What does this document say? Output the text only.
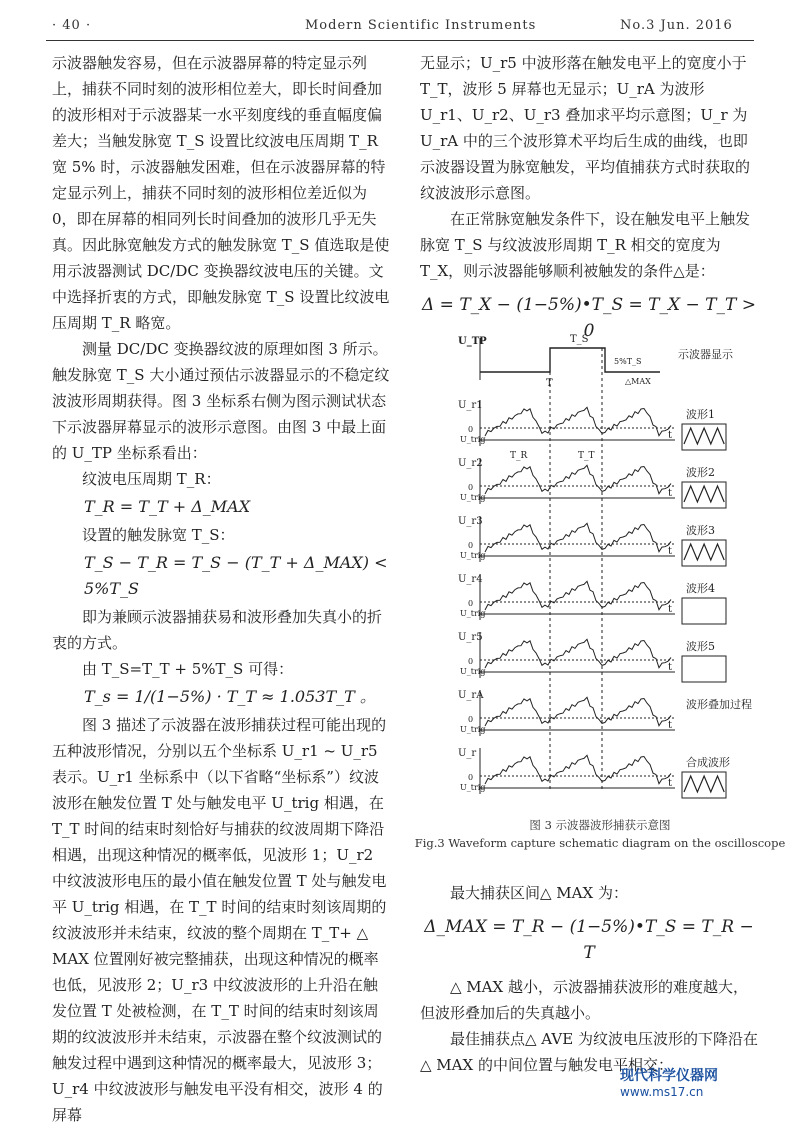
· 40 ·	Modern Scientific Instruments	No.3 Jun. 2016

示波器触发容易，但在示波器屏幕的特定显示列上，捕获不同时刻的波形相位差大，即长时间叠加的波形相对于示波器某一水平刻度线的垂直幅度偏差大；当触发脉宽 T_S 设置比纹波电压周期 T_R 宽 5% 时，示波器触发困难，但在示波器屏幕的特定显示列上，捕获不同时刻的波形相位差近似为 0，即在屏幕的相同列长时间叠加的波形几乎无失真。因此脉宽触发方式的触发脉宽 T_S 值选取是使用示波器测试 DC/DC 变换器纹波电压的关键。文中选择折衷的方式，即触发脉宽 T_S 设置比纹波电压周期 T_R 略宽。

测量 DC/DC 变换器纹波的原理如图 3 所示。触发脉宽 T_S 大小通过预估示波器显示的不稳定纹波波形周期获得。图 3 坐标系右侧为图示测试状态下示波器屏幕显示的波形示意图。由图 3 中最上面的 U_TP 坐标系看出：

纹波电压周期 T_R：

T_R = T_T + Δ_MAX

设置的触发脉宽 T_S：

T_S − T_R = T_S − (T_T + Δ_MAX) < 5%T_S

即为兼顾示波器捕获易和波形叠加失真小的折衷的方式。

由 T_S=T_T + 5%T_S 可得：

T_s = 1/(1−5%) · T_T ≈ 1.053T_T 。

图 3 描述了示波器在波形捕获过程可能出现的五种波形情况，分别以五个坐标系 U_r1 ~ U_r5 表示。U_r1 坐标系中（以下省略“坐标系”）纹波波形在触发位置 T 处与触发电平 U_trig 相遇，在 T_T 时间的结束时刻恰好与捕获的纹波周期下降沿相遇，出现这种情况的概率低，见波形 1；U_r2 中纹波波形电压的最小值在触发位置 T 处与触发电平 U_trig 相遇，在 T_T 时间的结束时刻该周期的纹波波形并未结束，纹波的整个周期在 T_T+ △ MAX 位置刚好被完整捕获，出现这种情况的概率也低，见波形 2；U_r3 中纹波波形的上升沿在触发位置 T 处被检测，在 T_T 时间的结束时刻该周期的纹波波形并未结束，示波器在整个纹波测试的触发过程中遇到这种情况的概率最大，见波形 3；U_r4 中纹波波形与触发电平没有相交，波形 4 的屏幕

无显示；U_r5 中波形落在触发电平上的宽度小于 T_T，波形 5 屏幕也无显示；U_rA 为波形 U_r1、U_r2、U_r3 叠加求平均示意图；U_r 为 U_rA 中的三个波形算术平均后生成的曲线，也即示波器设置为脉宽触发，平均值捕获方式时获取的纹波波形示意图。

在正常脉宽触发条件下，设在触发电平上触发脉宽 T_S 与纹波波形周期 T_R 相交的宽度为 T_X，则示波器能够顺利被触发的条件△是：

Δ = T_X − (1−5%)•T_S = T_X − T_T > 0
U_TP
T
T_S
5%T_S
△MAX
示波器显示
U_r1
0
U_trig	t
波形1
U_r2
0
U_trig	t
波形2
U_r3
0
U_trig	t
波形3
U_r4
0
U_trig	t
波形4
U_r5
0
U_trig	t
波形5
U_rA
0
U_trig	t
波形叠加过程
U_r
0
U_trig	t
合成波形
T_R	T_T
图 3 示波器波形捕获示意图
Fig.3 Waveform capture schematic diagram on the oscilloscope

最大捕获区间△ MAX 为：

Δ_MAX = T_R − (1−5%)•T_S = T_R − T

△ MAX 越小，示波器捕获波形的难度越大，但波形叠加后的失真越小。

最佳捕获点△ AVE 为纹波电压波形的下降沿在△ MAX 的中间位置与触发电平相交：

现代科学仪器网
www.ms17.cn
